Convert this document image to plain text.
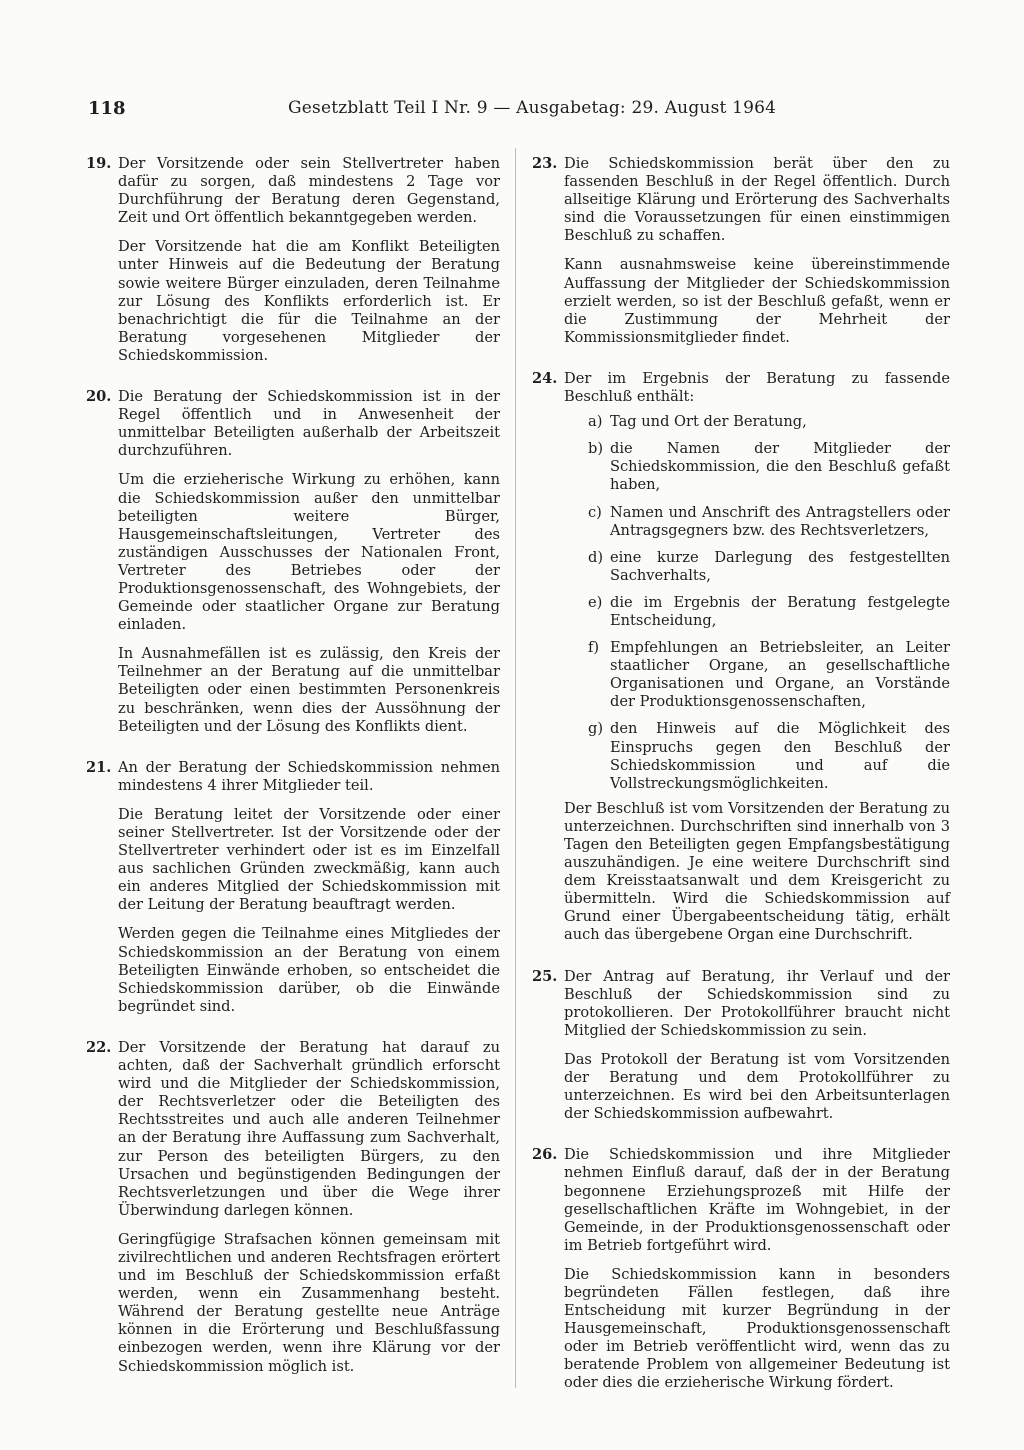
118	Gesetzblatt Teil I Nr. 9 — Ausgabetag: 29. August 1964
19. Der Vorsitzende oder sein Stellvertreter haben dafür zu sorgen, daß mindestens 2 Tage vor Durchführung der Beratung deren Gegenstand, Zeit und Ort öffentlich bekanntgegeben werden.

Der Vorsitzende hat die am Konflikt Beteiligten unter Hinweis auf die Bedeutung der Beratung sowie weitere Bürger einzuladen, deren Teilnahme zur Lösung des Konflikts erforderlich ist. Er benachrichtigt die für die Teilnahme an der Beratung vorgesehenen Mitglieder der Schiedskommission.

20. Die Beratung der Schiedskommission ist in der Regel öffentlich und in Anwesenheit der unmittelbar Beteiligten außerhalb der Arbeitszeit durchzuführen.

Um die erzieherische Wirkung zu erhöhen, kann die Schiedskommission außer den unmittelbar beteiligten weitere Bürger, Hausgemeinschaftsleitungen, Vertreter des zuständigen Ausschusses der Nationalen Front, Vertreter des Betriebes oder der Produktionsgenossenschaft, des Wohngebiets, der Gemeinde oder staatlicher Organe zur Beratung einladen.

In Ausnahmefällen ist es zulässig, den Kreis der Teilnehmer an der Beratung auf die unmittelbar Beteiligten oder einen bestimmten Personenkreis zu beschränken, wenn dies der Aussöhnung der Beteiligten und der Lösung des Konflikts dient.

21. An der Beratung der Schiedskommission nehmen mindestens 4 ihrer Mitglieder teil.

Die Beratung leitet der Vorsitzende oder einer seiner Stellvertreter. Ist der Vorsitzende oder der Stellvertreter verhindert oder ist es im Einzelfall aus sachlichen Gründen zweckmäßig, kann auch ein anderes Mitglied der Schiedskommission mit der Leitung der Beratung beauftragt werden.

Werden gegen die Teilnahme eines Mitgliedes der Schiedskommission an der Beratung von einem Beteiligten Einwände erhoben, so entscheidet die Schiedskommission darüber, ob die Einwände begründet sind.

22. Der Vorsitzende der Beratung hat darauf zu achten, daß der Sachverhalt gründlich erforscht wird und die Mitglieder der Schiedskommission, der Rechtsverletzer oder die Beteiligten des Rechtsstreites und auch alle anderen Teilnehmer an der Beratung ihre Auffassung zum Sachverhalt, zur Person des beteiligten Bürgers, zu den Ursachen und begünstigenden Bedingungen der Rechtsverletzungen und über die Wege ihrer Überwindung darlegen können.

Geringfügige Strafsachen können gemeinsam mit zivilrechtlichen und anderen Rechtsfragen erörtert und im Beschluß der Schiedskommission erfaßt werden, wenn ein Zusammenhang besteht. Während der Beratung gestellte neue Anträge können in die Erörterung und Beschlußfassung einbezogen werden, wenn ihre Klärung vor der Schiedskommission möglich ist.

23. Die Schiedskommission berät über den zu fassenden Beschluß in der Regel öffentlich. Durch allseitige Klärung und Erörterung des Sachverhalts sind die Voraussetzungen für einen einstimmigen Beschluß zu schaffen.

Kann ausnahmsweise keine übereinstimmende Auffassung der Mitglieder der Schiedskommission erzielt werden, so ist der Beschluß gefaßt, wenn er die Zustimmung der Mehrheit der Kommissionsmitglieder findet.

24. Der im Ergebnis der Beratung zu fassende Beschluß enthält:

a) Tag und Ort der Beratung,

b) die Namen der Mitglieder der Schiedskommission, die den Beschluß gefaßt haben,

c) Namen und Anschrift des Antragstellers oder Antragsgegners bzw. des Rechtsverletzers,

d) eine kurze Darlegung des festgestellten Sachverhalts,

e) die im Ergebnis der Beratung festgelegte Entscheidung,

f) Empfehlungen an Betriebsleiter, an Leiter staatlicher Organe, an gesellschaftliche Organisationen und Organe, an Vorstände der Produktionsgenossenschaften,

g) den Hinweis auf die Möglichkeit des Einspruchs gegen den Beschluß der Schiedskommission und auf die Vollstreckungsmöglichkeiten.

Der Beschluß ist vom Vorsitzenden der Beratung zu unterzeichnen. Durchschriften sind innerhalb von 3 Tagen den Beteiligten gegen Empfangsbestätigung auszuhändigen. Je eine weitere Durchschrift sind dem Kreisstaatsanwalt und dem Kreisgericht zu übermitteln. Wird die Schiedskommission auf Grund einer Übergabeentscheidung tätig, erhält auch das übergebene Organ eine Durchschrift.

25. Der Antrag auf Beratung, ihr Verlauf und der Beschluß der Schiedskommission sind zu protokollieren. Der Protokollführer braucht nicht Mitglied der Schiedskommission zu sein.

Das Protokoll der Beratung ist vom Vorsitzenden der Beratung und dem Protokollführer zu unterzeichnen. Es wird bei den Arbeitsunterlagen der Schiedskommission aufbewahrt.

26. Die Schiedskommission und ihre Mitglieder nehmen Einfluß darauf, daß der in der Beratung begonnene Erziehungsprozeß mit Hilfe der gesellschaftlichen Kräfte im Wohngebiet, in der Gemeinde, in der Produktionsgenossenschaft oder im Betrieb fortgeführt wird.

Die Schiedskommission kann in besonders begründeten Fällen festlegen, daß ihre Entscheidung mit kurzer Begründung in der Hausgemeinschaft, Produktionsgenossenschaft oder im Betrieb veröffentlicht wird, wenn das zu beratende Problem von allgemeiner Bedeutung ist oder dies die erzieherische Wirkung fördert.
